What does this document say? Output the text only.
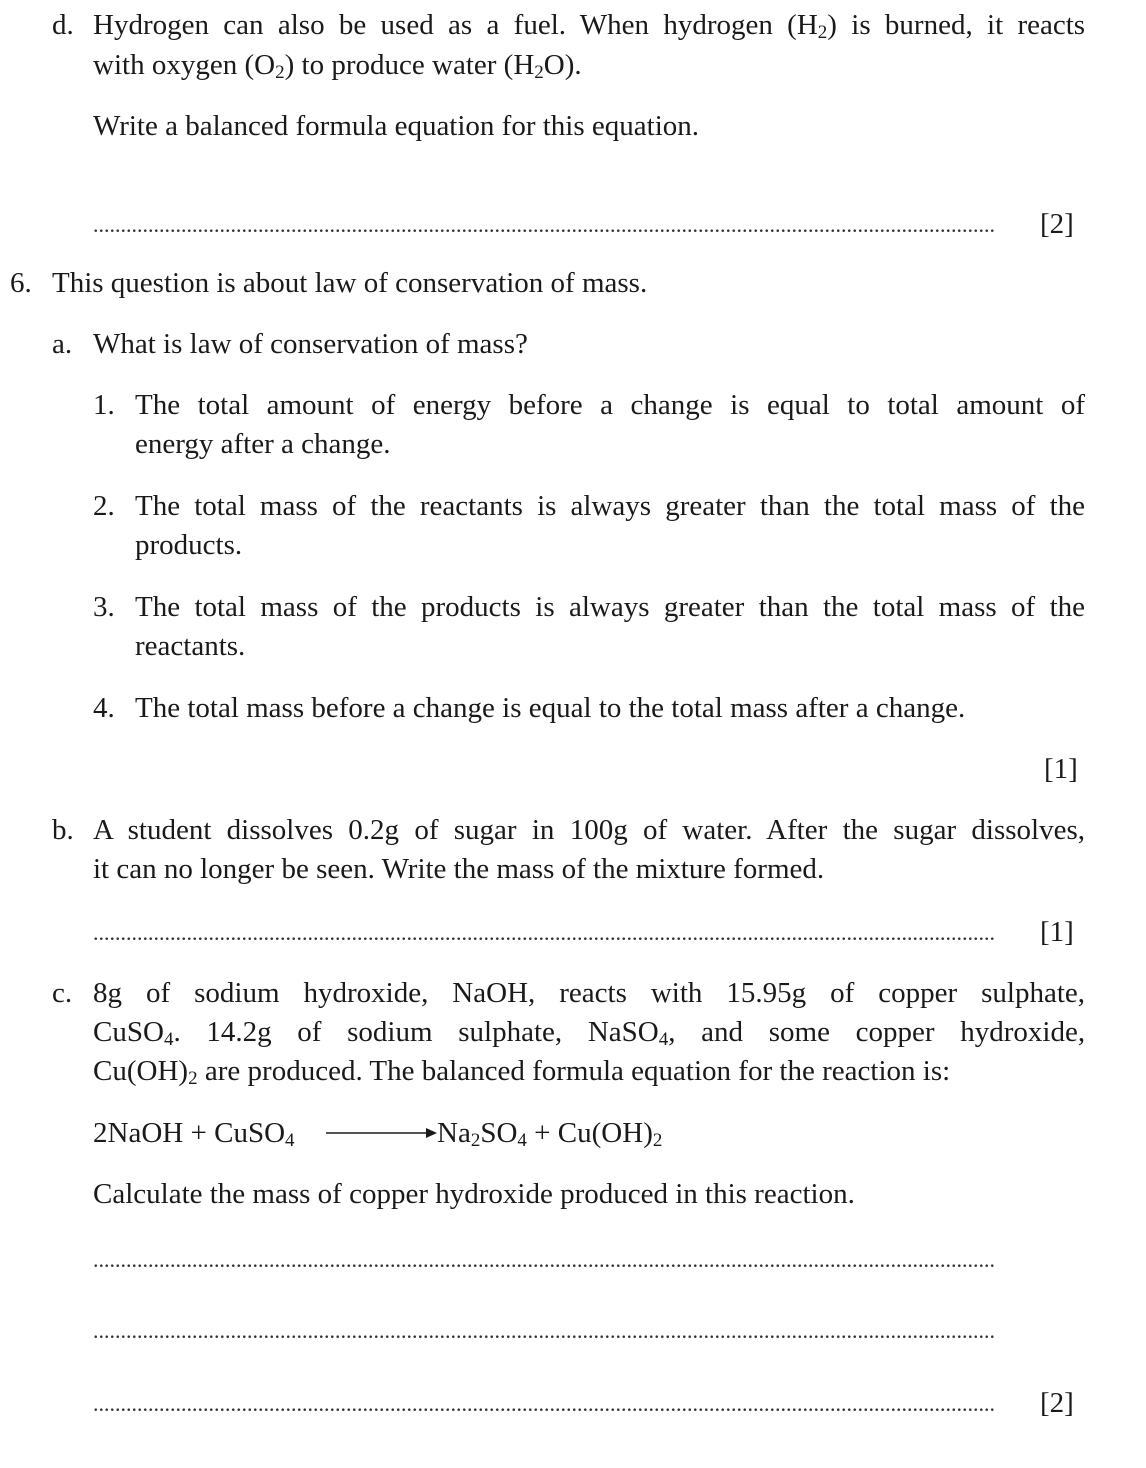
d. Hydrogen can also be used as a fuel. When hydrogen $(H_2)$ is burned, it reacts
with oxygen $(O_2)$ to produce water $(H_2O)$.
Write a balanced formula equation for this equation.
....................................................................................................................................................................	[2]
6. This question is about law of conservation of mass.
a. What is law of conservation of mass?
1. The total amount of energy before a change is equal to total amount of
energy after a change.
2. The total mass of the reactants is always greater than the total mass of the
products.
3. The total mass of the products is always greater than the total mass of the
reactants.
4. The total mass before a change is equal to the total mass after a change.
[1]
b. A student dissolves 0.2g of sugar in 100g of water. After the sugar dissolves,
it can no longer be seen. Write the mass of the mixture formed.
....................................................................................................................................................................	[1]
c. 8g of sodium hydroxide, NaOH, reacts with 15.95g of copper sulphate,
CuSO$_4$. 14.2g of sodium sulphate, NaSO$_4$, and some copper hydroxide,
$Cu(OH)_2$ are produced. The balanced formula equation for the reaction is:
2NaOH + CuSO$_4$ → $Na_2SO_4 + Cu(OH)_2$
Calculate the mass of copper hydroxide produced in this reaction.
....................................................................................................................................................................
....................................................................................................................................................................
....................................................................................................................................................................	[2]
